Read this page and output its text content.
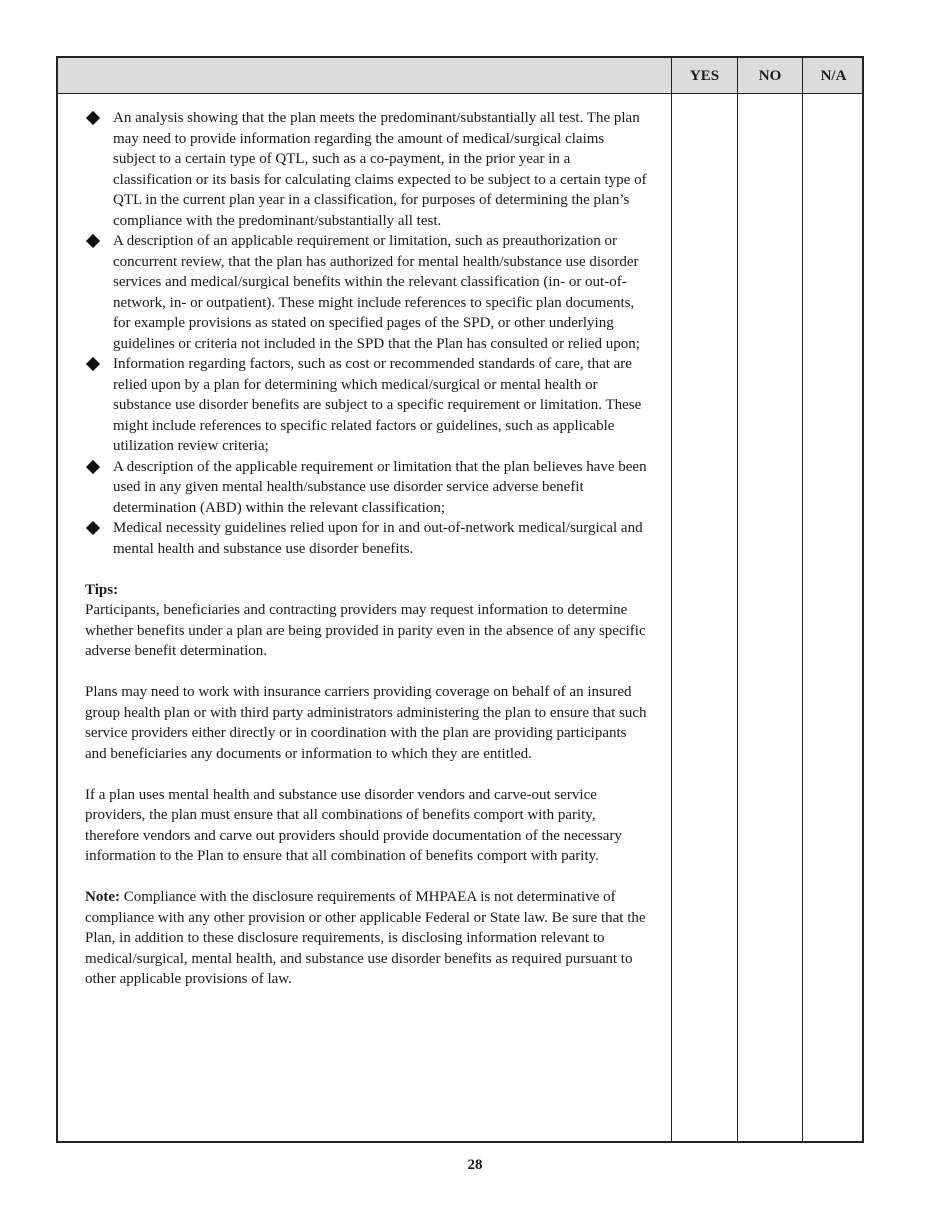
YES	NO	N/A
An analysis showing that the plan meets the predominant/substantially all test. The plan may need to provide information regarding the amount of medical/surgical claims subject to a certain type of QTL, such as a co-payment, in the prior year in a classification or its basis for calculating claims expected to be subject to a certain type of QTL in the current plan year in a classification, for purposes of determining the plan’s compliance with the predominant/substantially all test.
A description of an applicable requirement or limitation, such as preauthorization or concurrent review, that the plan has authorized for mental health/substance use disorder services and medical/surgical benefits within the relevant classification (in- or out-of-network, in- or outpatient). These might include references to specific plan documents, for example provisions as stated on specified pages of the SPD, or other underlying guidelines or criteria not included in the SPD that the Plan has consulted or relied upon;
Information regarding factors, such as cost or recommended standards of care, that are relied upon by a plan for determining which medical/surgical or mental health or substance use disorder benefits are subject to a specific requirement or limitation. These might include references to specific related factors or guidelines, such as applicable utilization review criteria;
A description of the applicable requirement or limitation that the plan believes have been used in any given mental health/substance use disorder service adverse benefit determination (ABD) within the relevant classification;
Medical necessity guidelines relied upon for in and out-of-network medical/surgical and mental health and substance use disorder benefits.

Tips:

Participants, beneficiaries and contracting providers may request information to determine whether benefits under a plan are being provided in parity even in the absence of any specific adverse benefit determination.

Plans may need to work with insurance carriers providing coverage on behalf of an insured group health plan or with third party administrators administering the plan to ensure that such service providers either directly or in coordination with the plan are providing participants and beneficiaries any documents or information to which they are entitled.

If a plan uses mental health and substance use disorder vendors and carve-out service providers, the plan must ensure that all combinations of benefits comport with parity, therefore vendors and carve out providers should provide documentation of the necessary information to the Plan to ensure that all combination of benefits comport with parity.

Note: Compliance with the disclosure requirements of MHPAEA is not determinative of compliance with any other provision or other applicable Federal or State law. Be sure that the Plan, in addition to these disclosure requirements, is disclosing information relevant to medical/surgical, mental health, and substance use disorder benefits as required pursuant to other applicable provisions of law.

28
